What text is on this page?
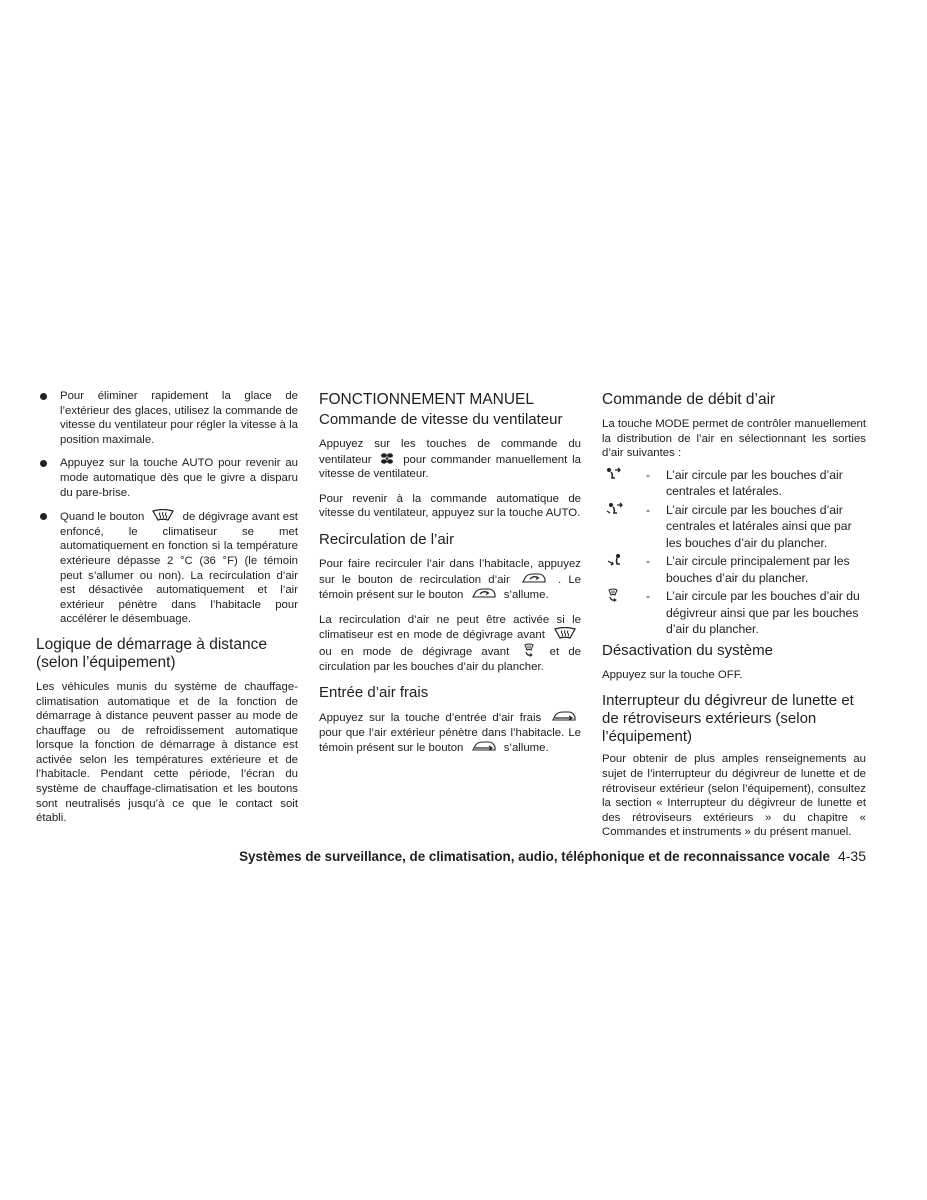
Pour éliminer rapidement la glace de l’extérieur des glaces, utilisez la commande de vitesse du ventilateur pour régler la vitesse à la position maximale.
Appuyez sur la touche AUTO pour revenir au mode automatique dès que le givre a disparu du pare-brise.
Quand le bouton	de dégivrage avant est enfoncé, le climatiseur se met automatiquement en fonction si la température extérieure dépasse 2 °C (36 °F) (le témoin peut s’allumer ou non). La recirculation d’air est désactivée automatiquement et l’air extérieur pénètre dans l’habitacle pour accélérer le désembuage.
Logique de démarrage à distance (selon l’équipement)

Les véhicules munis du système de chauffage-climatisation automatique et de la fonction de démarrage à distance peuvent passer au mode de chauffage ou de refroidissement automatique lorsque la fonction de démarrage à distance est activée selon les températures extérieure et de l’habitacle. Pendant cette période, l’écran du système de chauffage-climatisation et les boutons sont neutralisés jusqu’à ce que le contact soit établi.

FONCTIONNEMENT MANUEL
Commande de vitesse du ventilateur

Appuyez sur les touches de commande du ventilateur	pour commander manuellement la vitesse de ventilateur.

Pour revenir à la commande automatique de vitesse du ventilateur, appuyez sur la touche AUTO.

Recirculation de l’air

Pour faire recirculer l’air dans l’habitacle, appuyez sur le bouton de recirculation d’air	. Le témoin présent sur le bouton	s’allume.

La recirculation d’air ne peut être activée si le climatiseur est en mode de dégivrage avant
ou en mode de dégivrage avant	et de circulation par les bouches d’air du plancher.

Entrée d’air frais

Appuyez sur la touche d’entrée d’air frais
pour que l’air extérieur pénètre dans l’habitacle. Le témoin présent sur le bouton	s’allume.

Commande de débit d’air

La touche MODE permet de contrôler manuellement la distribution de l’air en sélectionnant les sorties d’air suivantes :

- L’air circule par les bouches d’air centrales et latérales.
- L’air circule par les bouches d’air centrales et latérales ainsi que par les bouches d’air du plancher.
- L’air circule principalement par les bouches d’air du plancher.
- L’air circule par les bouches d’air du dégivreur ainsi que par les bouches d’air du plancher.
Désactivation du système

Appuyez sur la touche OFF.

Interrupteur du dégivreur de lunette et de rétroviseurs extérieurs (selon l’équipement)

Pour obtenir de plus amples renseignements au sujet de l’interrupteur du dégivreur de lunette et de rétroviseur extérieur (selon l’équipement), consultez la section « Interrupteur du dégivreur de lunette et des rétroviseurs extérieurs » du chapitre « Commandes et instruments » du présent manuel.

Systèmes de surveillance, de climatisation, audio, téléphonique et de reconnaissance vocale 4-35
